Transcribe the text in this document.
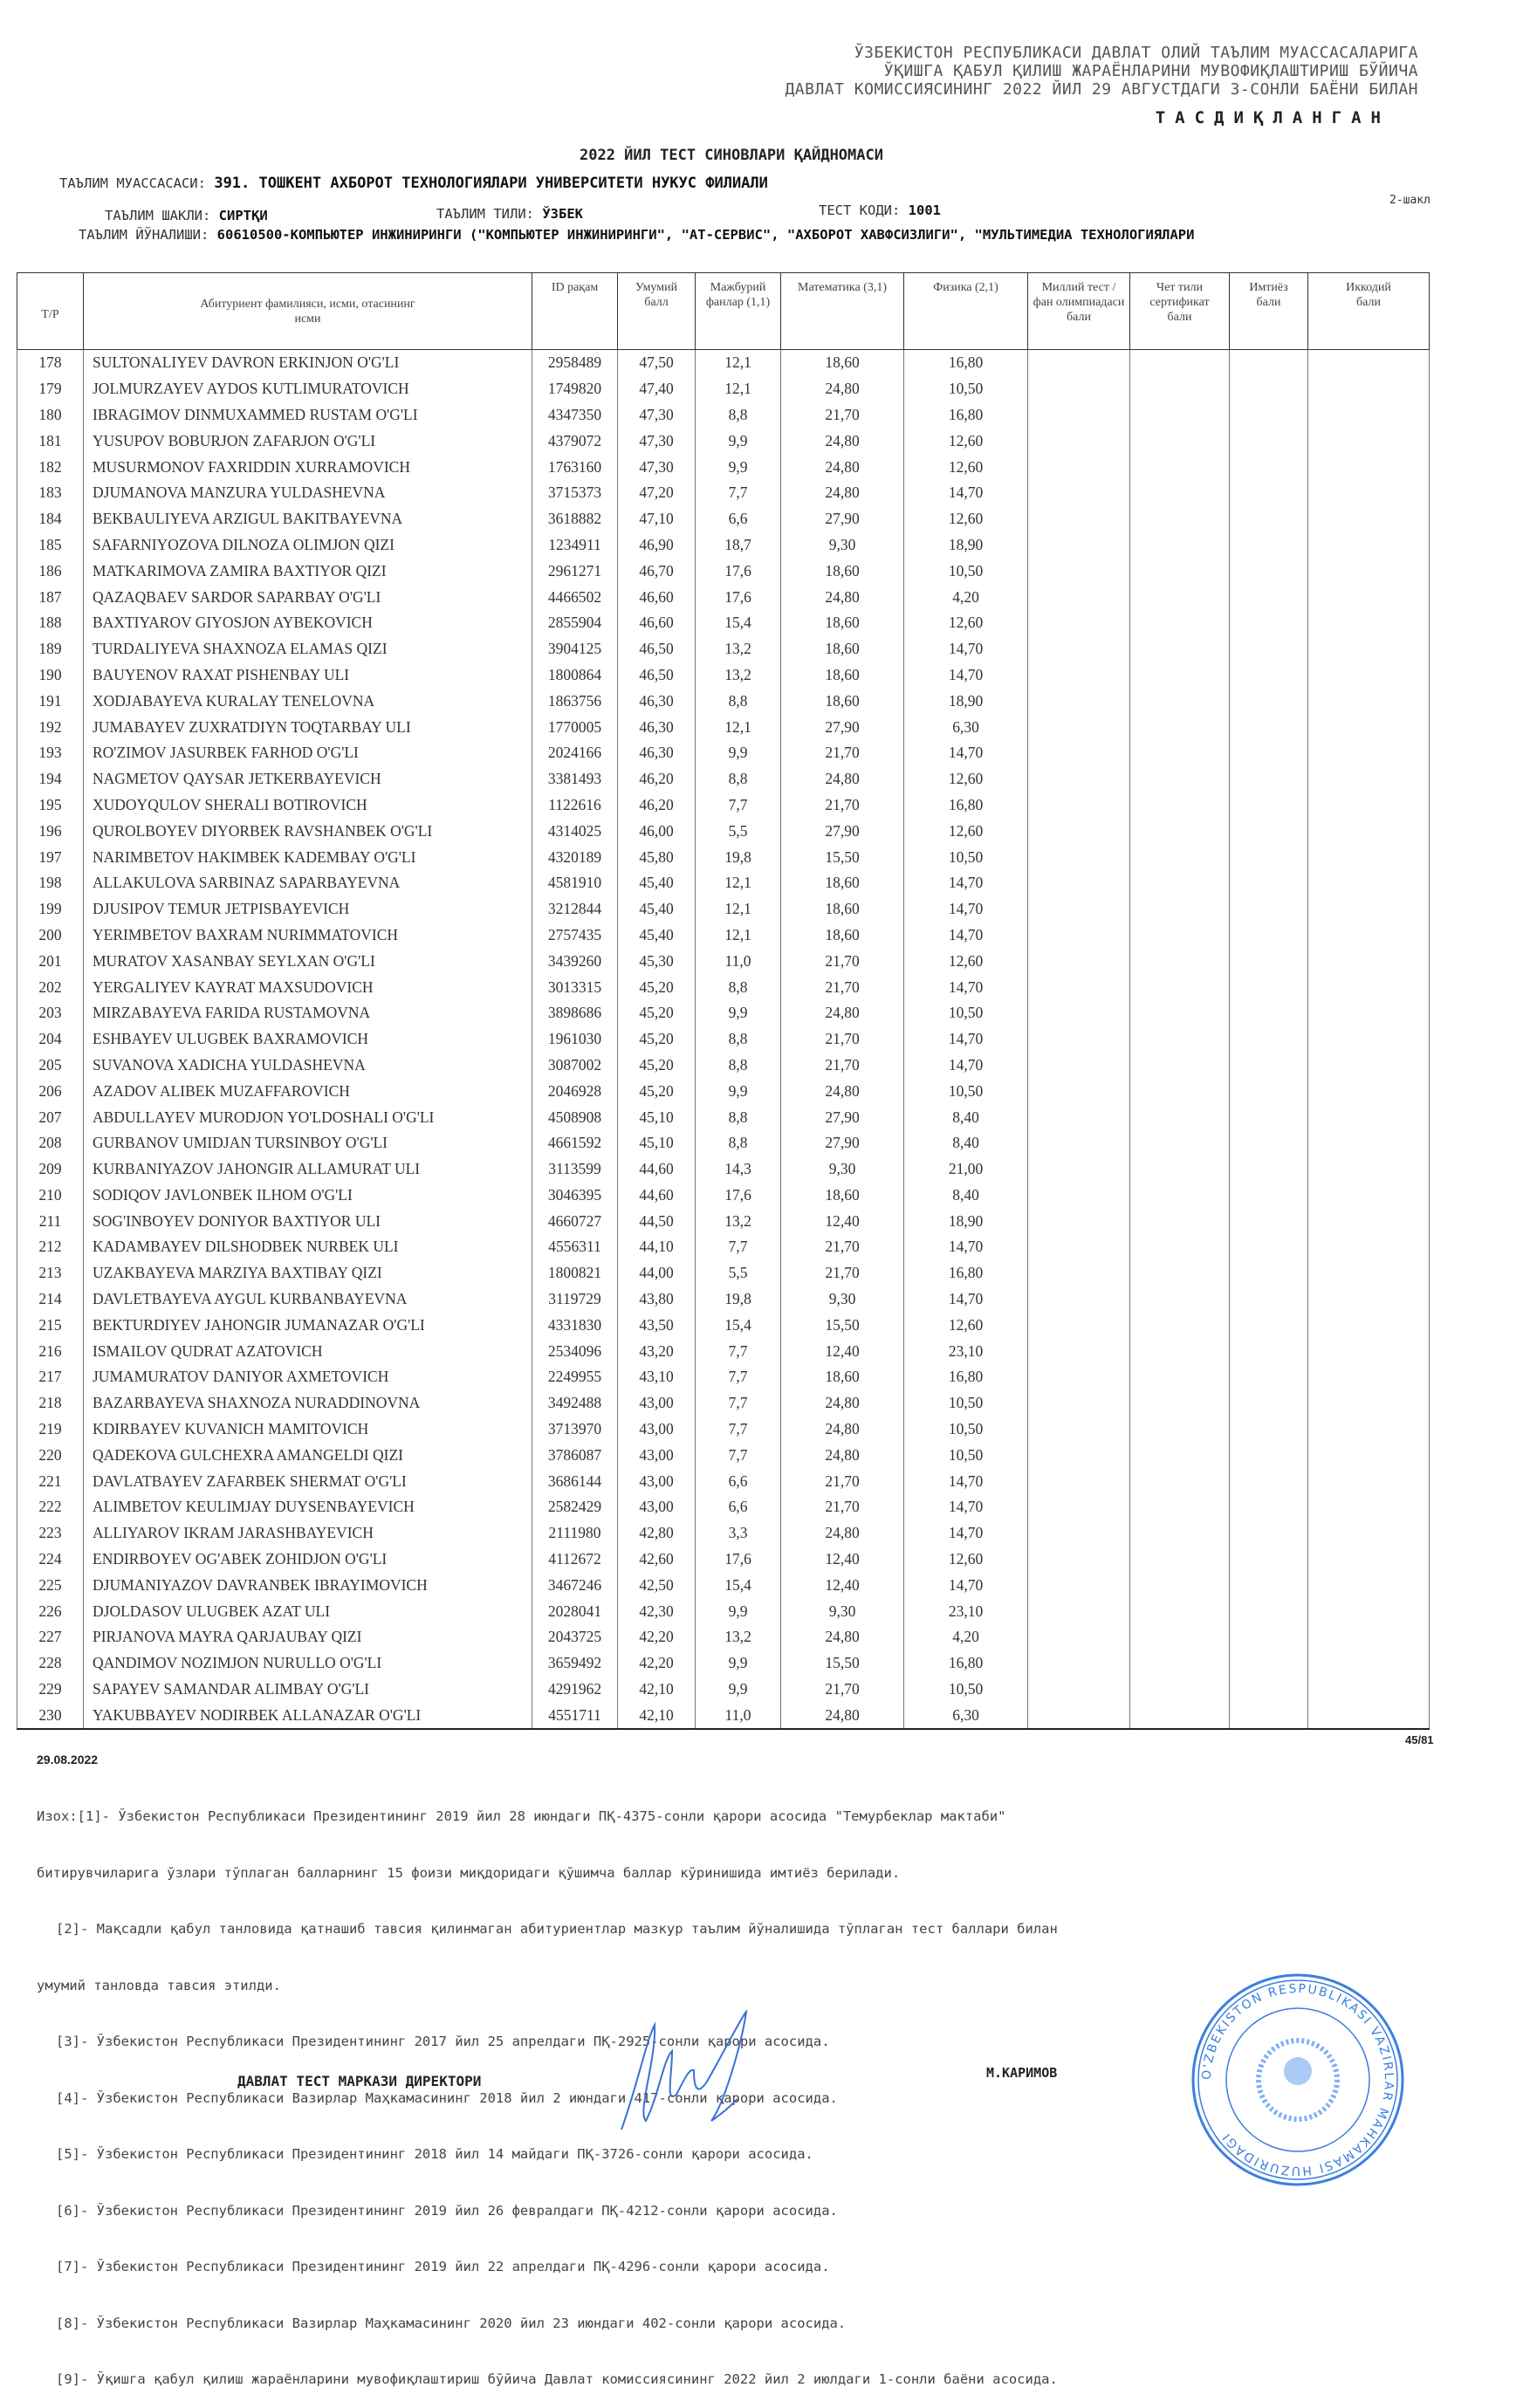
ЎЗБЕКИСТОН РЕСПУБЛИКАСИ ДАВЛАТ ОЛИЙ ТАЪЛИМ МУАССАСАЛАРИГА
ЎҚИШГА ҚАБУЛ ҚИЛИШ ЖАРАЁНЛАРИНИ МУВОФИҚЛАШТИРИШ БЎЙИЧА
ДАВЛАТ КОМИССИЯСИНИНГ 2022 ЙИЛ 29 АВГУСТДАГИ 3-СОНЛИ БАЁНИ БИЛАН
ТАСДИҚЛАНГАН
2022 ЙИЛ ТЕСТ СИНОВЛАРИ ҚАЙДНОМАСИ
ТАЪЛИМ МУАССАСАСИ: 391. ТОШКЕНТ АХБОРОТ ТЕХНОЛОГИЯЛАРИ УНИВЕРСИТЕТИ НУКУС ФИЛИАЛИ
2-шакл
ТАЪЛИМ ШАКЛИ: СИРТҚИ	ТАЪЛИМ ТИЛИ: ЎЗБЕК	ТЕСТ КОДИ: 1001
ТАЪЛИМ ЙЎНАЛИШИ: 60610500-КОМПЬЮТЕР ИНЖИНИРИНГИ ("КОМПЬЮТЕР ИНЖИНИРИНГИ", "АТ-СЕРВИС", "АХБОРОТ ХАВФСИЗЛИГИ", "МУЛЬТИМЕДИА ТЕХНОЛОГИЯЛАРИ
Т/Р	Абитуриент фамилияси, исми, отасининг исми	ID рақам	Умумий балл	Мажбурий фанлар (1,1)	Математика (3,1)	Физика (2,1)	Миллий тест / фан олимпиадаси бали	Чет тили сертификат бали	Имтиёз бали	Иккодий бали
178	SULTONALIYEV DAVRON ERKINJON O'G'LI	2958489	47,50	12,1	18,60	16,80				
179	JOLMURZAYEV AYDOS KUTLIMURATOVICH	1749820	47,40	12,1	24,80	10,50				
180	IBRAGIMOV DINMUXAMMED RUSTAM O'G'LI	4347350	47,30	8,8	21,70	16,80				
181	YUSUPOV BOBURJON ZAFARJON O'G'LI	4379072	47,30	9,9	24,80	12,60				
182	MUSURMONOV FAXRIDDIN XURRAMOVICH	1763160	47,30	9,9	24,80	12,60				
183	DJUMANOVA MANZURA YULDASHEVNA	3715373	47,20	7,7	24,80	14,70				
184	BEKBAULIYEVA ARZIGUL BAKITBAYEVNA	3618882	47,10	6,6	27,90	12,60				
185	SAFARNIYOZOVA DILNOZA OLIMJON QIZI	1234911	46,90	18,7	9,30	18,90				
186	MATKARIMOVA ZAMIRA BAXTIYOR QIZI	2961271	46,70	17,6	18,60	10,50				
187	QAZAQBAEV SARDOR SAPARBAY O'G'LI	4466502	46,60	17,6	24,80	4,20				
188	BAXTIYAROV GIYOSJON AYBEKOVICH	2855904	46,60	15,4	18,60	12,60				
189	TURDALIYEVA SHAXNOZA ELAMAS QIZI	3904125	46,50	13,2	18,60	14,70				
190	BAUYENOV RAXAT PISHENBAY ULI	1800864	46,50	13,2	18,60	14,70				
191	XODJABAYEVA KURALAY TENELOVNA	1863756	46,30	8,8	18,60	18,90				
192	JUMABAYEV ZUXRATDIYN TOQTARBAY ULI	1770005	46,30	12,1	27,90	6,30				
193	RO'ZIMOV JASURBEK FARHOD O'G'LI	2024166	46,30	9,9	21,70	14,70				
194	NAGMETOV QAYSAR JETKERBAYEVICH	3381493	46,20	8,8	24,80	12,60				
195	XUDOYQULOV SHERALI BOTIROVICH	1122616	46,20	7,7	21,70	16,80				
196	QUROLBOYEV DIYORBEK RAVSHANBEK O'G'LI	4314025	46,00	5,5	27,90	12,60				
197	NARIMBETOV HAKIMBEK KADEMBAY O'G'LI	4320189	45,80	19,8	15,50	10,50				
198	ALLAKULOVA SARBINAZ SAPARBAYEVNA	4581910	45,40	12,1	18,60	14,70				
199	DJUSIPOV TEMUR JETPISBAYEVICH	3212844	45,40	12,1	18,60	14,70				
200	YERIMBETOV BAXRAM NURIMMATOVICH	2757435	45,40	12,1	18,60	14,70				
201	MURATOV XASANBAY SEYLXAN O'G'LI	3439260	45,30	11,0	21,70	12,60				
202	YERGALIYEV KAYRAT MAXSUDOVICH	3013315	45,20	8,8	21,70	14,70				
203	MIRZABAYEVA FARIDA RUSTAMOVNA	3898686	45,20	9,9	24,80	10,50				
204	ESHBAYEV ULUGBEK BAXRAMOVICH	1961030	45,20	8,8	21,70	14,70				
205	SUVANOVA XADICHA YULDASHEVNA	3087002	45,20	8,8	21,70	14,70				
206	AZADOV ALIBEK MUZAFFAROVICH	2046928	45,20	9,9	24,80	10,50				
207	ABDULLAYEV MURODJON YO'LDOSHALI O'G'LI	4508908	45,10	8,8	27,90	8,40				
208	GURBANOV UMIDJAN TURSINBOY O'G'LI	4661592	45,10	8,8	27,90	8,40				
209	KURBANIYAZOV JAHONGIR ALLAMURAT ULI	3113599	44,60	14,3	9,30	21,00				
210	SODIQOV JAVLONBEK ILHOM O'G'LI	3046395	44,60	17,6	18,60	8,40				
211	SOG'INBOYEV DONIYOR BAXTIYOR ULI	4660727	44,50	13,2	12,40	18,90				
212	KADAMBAYEV DILSHODBEK NURBEK ULI	4556311	44,10	7,7	21,70	14,70				
213	UZAKBAYEVA MARZIYA BAXTIBAY QIZI	1800821	44,00	5,5	21,70	16,80				
214	DAVLETBAYEVA AYGUL KURBANBAYEVNA	3119729	43,80	19,8	9,30	14,70				
215	BEKTURDIYEV JAHONGIR JUMANAZAR O'G'LI	4331830	43,50	15,4	15,50	12,60				
216	ISMAILOV QUDRAT AZATOVICH	2534096	43,20	7,7	12,40	23,10				
217	JUMAMURATOV DANIYOR AXMETOVICH	2249955	43,10	7,7	18,60	16,80				
218	BAZARBAYEVA SHAXNOZA NURADDINOVNA	3492488	43,00	7,7	24,80	10,50				
219	KDIRBAYEV KUVANICH MAMITOVICH	3713970	43,00	7,7	24,80	10,50				
220	QADEKOVA GULCHEXRA AMANGELDI QIZI	3786087	43,00	7,7	24,80	10,50				
221	DAVLATBAYEV ZAFARBEK SHERMAT O'G'LI	3686144	43,00	6,6	21,70	14,70				
222	ALIMBETOV KEULIMJAY DUYSENBAYEVICH	2582429	43,00	6,6	21,70	14,70				
223	ALLIYAROV IKRAM JARASHBAYEVICH	2111980	42,80	3,3	24,80	14,70				
224	ENDIRBOYEV OG'ABEK ZOHIDJON O'G'LI	4112672	42,60	17,6	12,40	12,60				
225	DJUMANIYAZOV DAVRANBEK IBRAYIMOVICH	3467246	42,50	15,4	12,40	14,70				
226	DJOLDASOV ULUGBEK AZAT ULI	2028041	42,30	9,9	9,30	23,10				
227	PIRJANOVA MAYRA QARJAUBAY QIZI	2043725	42,20	13,2	24,80	4,20				
228	QANDIMOV NOZIMJON NURULLO O'G'LI	3659492	42,20	9,9	15,50	16,80				
229	SAPAYEV SAMANDAR ALIMBAY O'G'LI	4291962	42,10	9,9	21,70	10,50				
230	YAKUBBAYEV NODIRBEK ALLANAZAR O'G'LI	4551711	42,10	11,0	24,80	6,30				
45/81
29.08.2022

Изох:[1]- Ўзбекистон Республикаси Президентининг 2019 йил 28 июндаги ПҚ-4375-сонли қарори асосида "Темурбеклар мактаби"

битирувчиларига ўзлари тўплаган балларнинг 15 фоизи миқдоридаги қўшимча баллар кўринишида имтиёз берилади.

[2]- Мақсадли қабул танловида қатнашиб тавсия қилинмаган абитуриентлар мазкур таълим йўналишида тўплаган тест баллари билан

умумий танловда тавсия этилди.

[3]- Ўзбекистон Республикаси Президентининг 2017 йил 25 апрелдаги ПҚ-2925-сонли қарори асосида.

[4]- Ўзбекистон Республикаси Вазирлар Маҳкамасининг 2018 йил 2 июндаги 417-сонли қарори асосида.

[5]- Ўзбекистон Республикаси Президентининг 2018 йил 14 майдаги ПҚ-3726-сонли қарори асосида.

[6]- Ўзбекистон Республикаси Президентининг 2019 йил 26 февралдаги ПҚ-4212-сонли қарори асосида.

[7]- Ўзбекистон Республикаси Президентининг 2019 йил 22 апрелдаги ПҚ-4296-сонли қарори асосида.

[8]- Ўзбекистон Республикаси Вазирлар Маҳкамасининг 2020 йил 23 июндаги 402-сонли қарори асосида.

[9]- Ўқишга қабул қилиш жараёнларини мувофиқлаштириш бўйича Давлат комиссиясининг 2022 йил 2 июлдаги 1-сонли баёни асосида.

ДАВЛАТ ТЕСТ МАРКАЗИ ДИРЕКТОРИ	М.КАРИМОВ	O'ZBEKISTON RESPUBLIKASI VAZIRLAR MAHKAMASI HUZURIDAGI
